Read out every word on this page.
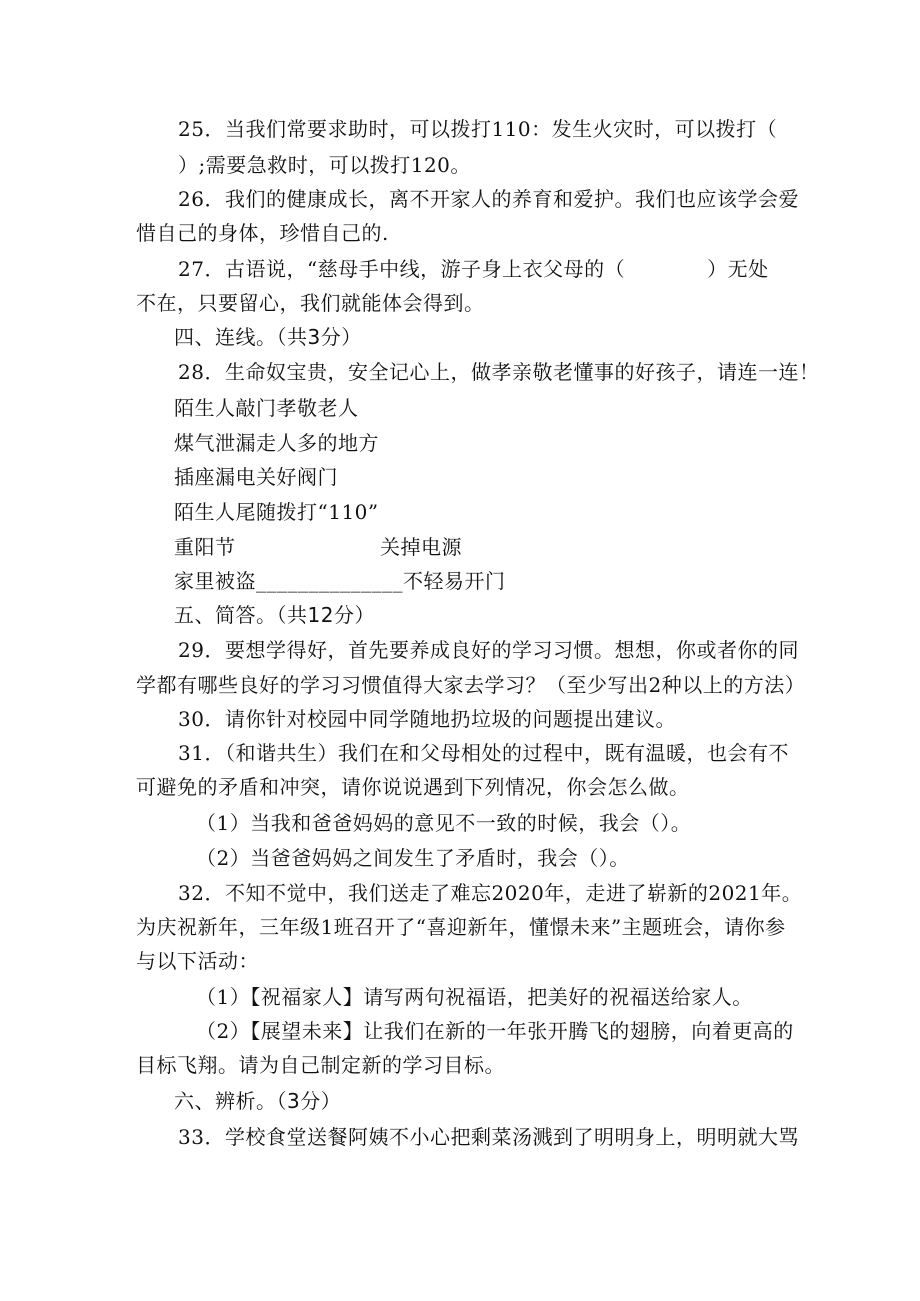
25．当我们常要求助时，可以拨打110：发生火灾时，可以拨打（
）;需要急救时，可以拨打120。
26．我们的健康成长，离不开家人的养育和爱护。我们也应该学会爱
惜自己的身体，珍惜自己的.
27．古语说，“慈母手中线，游子身上衣父母的（　　　　）无处
不在，只要留心，我们就能体会得到。
四、连线。（共3分）
28．生命奴宝贵，安全记心上，做孝亲敬老懂事的好孩子，请连一连！
陌生人敲门孝敬老人
煤气泄漏走人多的地方
插座漏电关好阀门
陌生人尾随拨打“110”
重阳节	关掉电源
家里被盗______________不轻易开门
五、简答。（共12分）
29．要想学得好，首先要养成良好的学习习惯。想想，你或者你的同
学都有哪些良好的学习习惯值得大家去学习？（至少写出2种以上的方法）
30．请你针对校园中同学随地扔垃圾的问题提出建议。
31．（和谐共生）我们在和父母相处的过程中，既有温暖，也会有不
可避免的矛盾和冲突，请你说说遇到下列情况，你会怎么做。
（1）当我和爸爸妈妈的意见不一致的时候，我会（）。
（2）当爸爸妈妈之间发生了矛盾时，我会（）。
32．不知不觉中，我们送走了难忘2020年，走进了崭新的2021年。
为庆祝新年，三年级1班召开了“喜迎新年，懂憬未来”主题班会，请你参
与以下活动：
（1）【祝福家人】请写两句祝福语，把美好的祝福送给家人。
（2）【展望未来】让我们在新的一年张开腾飞的翅膀，向着更高的
目标飞翔。请为自己制定新的学习目标。
六、辨析。（3分）
33．学校食堂送餐阿姨不小心把剩菜汤溅到了明明身上，明明就大骂
